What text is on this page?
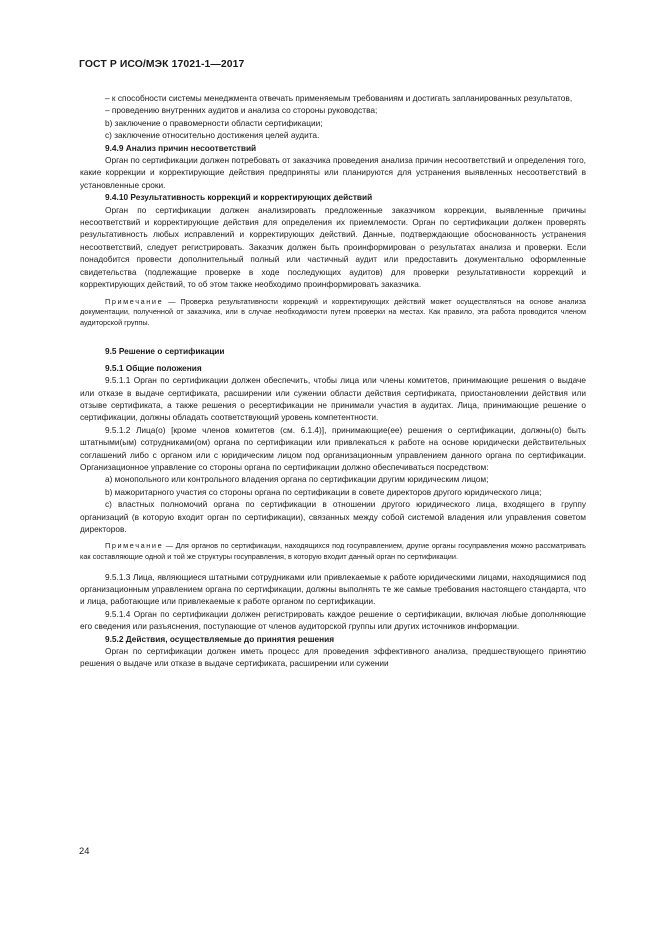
ГОСТ Р ИСО/МЭК 17021-1—2017

– к способности системы менеджмента отвечать применяемым требованиям и достигать запланированных результатов,

– проведению внутренних аудитов и анализа со стороны руководства;

b) заключение о правомерности области сертификации;

c) заключение относительно достижения целей аудита.

9.4.9 Анализ причин несоответствий

Орган по сертификации должен потребовать от заказчика проведения анализа причин несоответствий и определения того, какие коррекции и корректирующие действия предприняты или планируются для устранения выявленных несоответствий в установленные сроки.

9.4.10 Результативность коррекций и корректирующих действий

Орган по сертификации должен анализировать предложенные заказчиком коррекции, выявленные причины несоответствий и корректирующие действия для определения их приемлемости. Орган по сертификации должен проверять результативность любых исправлений и корректирующих действий. Данные, подтверждающие обоснованность устранения несоответствий, следует регистрировать. Заказчик должен быть проинформирован о результатах анализа и проверки. Если понадобится провести дополнительный полный или частичный аудит или предоставить документально оформленные свидетельства (подлежащие проверке в ходе последующих аудитов) для проверки результативности коррекций и корректирующих действий, то об этом также необходимо проинформировать заказчика.

Примечание — Проверка результативности коррекций и корректирующих действий может осуществляться на основе анализа документации, полученной от заказчика, или в случае необходимости путем проверки на местах. Как правило, эта работа проводится членом аудиторской группы.

9.5 Решение о сертификации

9.5.1 Общие положения

9.5.1.1 Орган по сертификации должен обеспечить, чтобы лица или члены комитетов, принимающие решения о выдаче или отказе в выдаче сертификата, расширении или сужении области действия сертификата, приостановлении действия или отзыве сертификата, а также решения о ресертификации не принимали участия в аудитах. Лица, принимающие решение о сертификации, должны обладать соответствующий уровень компетентности.

9.5.1.2 Лица(о) [кроме членов комитетов (см. 6.1.4)], принимающие(ее) решения о сертификации, должны(о) быть штатными(ым) сотрудниками(ом) органа по сертификации или привлекаться к работе на основе юридически действительных соглашений либо с органом или с юридическим лицом под организационным управлением данного органа по сертификации. Организационное управление со стороны органа по сертификации должно обеспечиваться посредством:

a) монопольного или контрольного владения органа по сертификации другим юридическим лицом;

b) мажоритарного участия со стороны органа по сертификации в совете директоров другого юридического лица;

c) властных полномочий органа по сертификации в отношении другого юридического лица, входящего в группу организаций (в которую входит орган по сертификации), связанных между собой системой владения или управления советом директоров.

Примечание — Для органов по сертификации, находящихся под госуправлением, другие органы госуправления можно рассматривать как составляющие одной и той же структуры госуправления, в которую входит данный орган по сертификации.

9.5.1.3 Лица, являющиеся штатными сотрудниками или привлекаемые к работе юридическими лицами, находящимися под организационным управлением органа по сертификации, должны выполнять те же самые требования настоящего стандарта, что и лица, работающие или привлекаемые к работе органом по сертификации.

9.5.1.4 Орган по сертификации должен регистрировать каждое решение о сертификации, включая любые дополняющие его сведения или разъяснения, поступающие от членов аудиторской группы или других источников информации.

9.5.2 Действия, осуществляемые до принятия решения

Орган по сертификации должен иметь процесс для проведения эффективного анализа, предшествующего принятию решения о выдаче или отказе в выдаче сертификата, расширении или сужении

24
